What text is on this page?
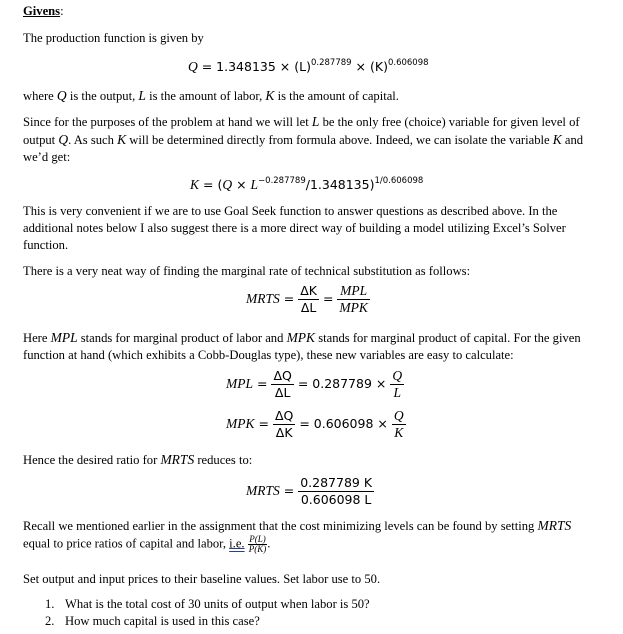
Givens:
The production function is given by
$Q = 1.348135 \times (L)^{0.287789} \times (K)^{0.606098}$
where Q is the output, L is the amount of labor, K is the amount of capital.
Since for the purposes of the problem at hand we will let L be the only free (choice) variable for given level of output Q. As such K will be determined directly from formula above. Indeed, we can isolate the variable K and we’d get:
$K = (Q \times L^{-0.287789}/1.348135)^{1/0.606098}$
This is very convenient if we are to use Goal Seek function to answer questions as described above. In the additional notes below I also suggest there is a more direct way of building a model utilizing Excel’s Solver function.
There is a very neat way of finding the marginal rate of technical substitution as follows:
MRTS = $\frac{\Delta K}{\Delta L} = \frac{\text{MPL}}{\text{MPK}}$
Here MPL stands for marginal product of labor and MPK stands for marginal product of capital. For the given function at hand (which exhibits a Cobb-Douglas type), these new variables are easy to calculate:
MPL = $\frac{\Delta Q}{\Delta L} = 0.287789 \times \frac{Q}{L}$
MPK = $\frac{\Delta Q}{\Delta K} = 0.606098 \times \frac{Q}{K}$
Hence the desired ratio for MRTS reduces to:
MRTS = $\frac{0.287789 K}{0.606098 L}$
Recall we mentioned earlier in the assignment that the cost minimizing levels can be found by setting MRTS equal to price ratios of capital and labor, i.e. $\frac{P(L)}{P(K)}$ .
Set output and input prices to their baseline values. Set labor use to 50.
1. What is the total cost of 30 units of output when labor is 50?
2. How much capital is used in this case?
